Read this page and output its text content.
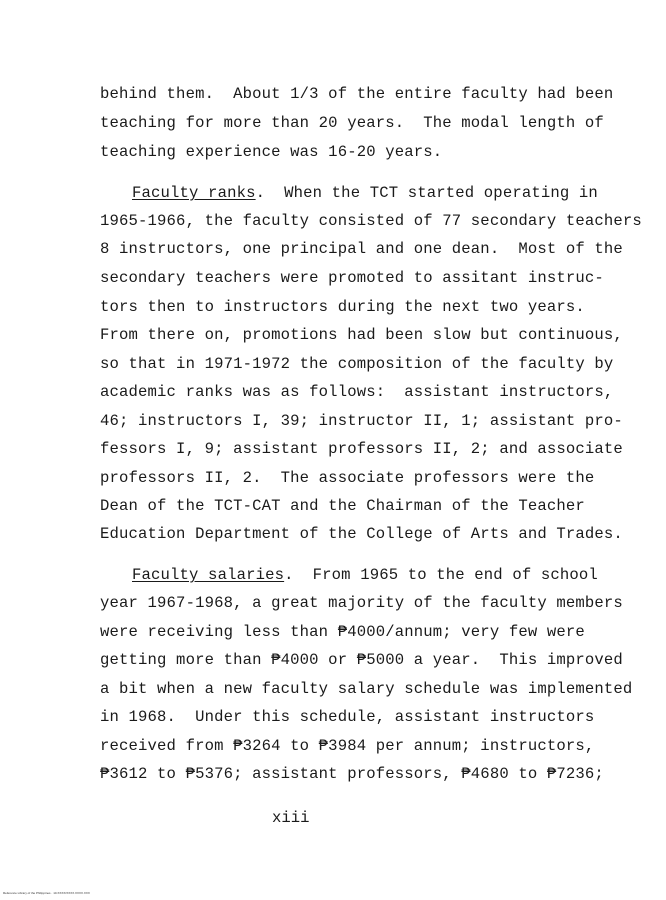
behind them.  About 1/3 of the entire faculty had been
teaching for more than 20 years.  The modal length of
teaching experience was 16-20 years.
Faculty ranks.  When the TCT started operating in
1965-1966, the faculty consisted of 77 secondary teachers
8 instructors, one principal and one dean.  Most of the
secondary teachers were promoted to assitant instruc-
tors then to instructors during the next two years.
From there on, promotions had been slow but continuous,
so that in 1971-1972 the composition of the faculty by
academic ranks was as follows:  assistant instructors,
46; instructors I, 39; instructor II, 1; assistant pro-
fessors I, 9; assistant professors II, 2; and associate
professors II, 2.  The associate professors were the
Dean of the TCT-CAT and the Chairman of the Teacher
Education Department of the College of Arts and Trades.
Faculty salaries.  From 1965 to the end of school
year 1967-1968, a great majority of the faculty members
were receiving less than ₱4000/annum; very few were
getting more than ₱4000 or ₱5000 a year.  This improved
a bit when a new faculty salary schedule was implemented
in 1968.  Under this schedule, assistant instructors
received from ₱3264 to ₱3984 per annum; instructors,
₱3612 to ₱5376; assistant professors, ₱4680 to ₱7236;
xiii
Reference Library of the Philippines · 10.XXXX/XXXX.XXXX.XXX
